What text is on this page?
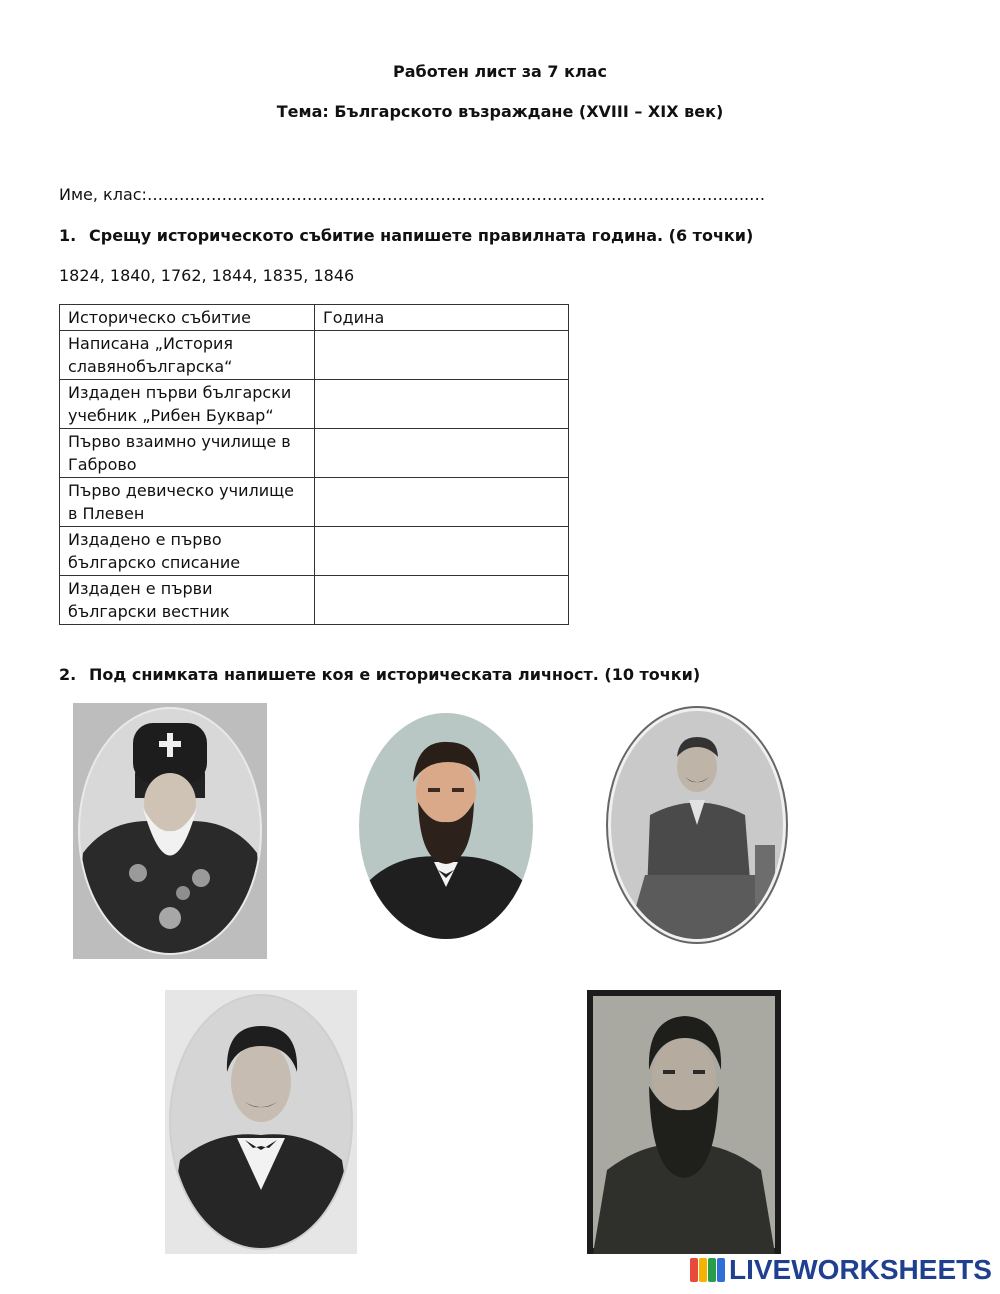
Работен лист за 7 клас
Тема: Българското възраждане (XVIII – XIX век)
Име, клас:…………………………………………………………………………………………………..…
1. Срещу историческото събитие напишете правилната година. (6 точки)
1824, 1840, 1762, 1844, 1835, 1846
Историческо събитие	Година
Написана „История славянобългарска“	
Издаден първи български учебник „Рибен Буквар“	
Първо взаимно училище в Габрово	
Първо девическо училище в Плевен	
Издадено е първо българско списание	
Издаден е първи български вестник	
2. Под снимката напишете коя е историческата личност. (10 точки)
LIVEWORKSHEETS
